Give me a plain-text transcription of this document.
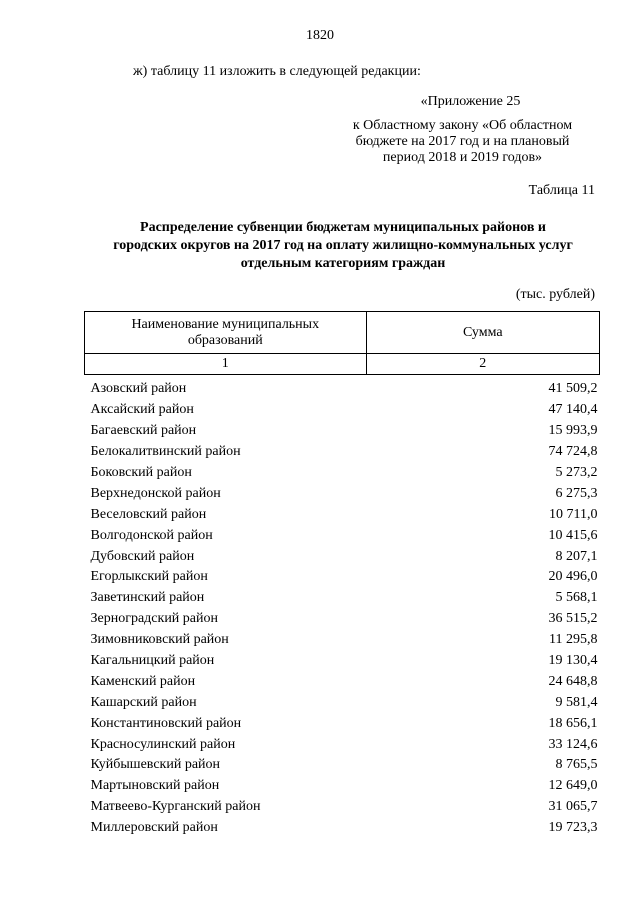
1820
ж) таблицу 11 изложить в следующей редакции:
«Приложение 25
к Областному закону «Об областном
бюджете на 2017 год и на плановый
период 2018 и 2019 годов»
Таблица 11
Распределение субвенции бюджетам муниципальных районов и
городских округов на 2017 год на оплату жилищно-коммунальных услуг
отдельным категориям граждан
(тыс. рублей)
Наименование муниципальных
образований	Сумма
1	2

Азовский район	41 509,2
Аксайский район	47 140,4
Багаевский район	15 993,9
Белокалитвинский район	74 724,8
Боковский район	5 273,2
Верхнедонской район	6 275,3
Веселовский район	10 711,0
Волгодонской район	10 415,6
Дубовский район	8 207,1
Егорлыкский район	20 496,0
Заветинский район	5 568,1
Зерноградский район	36 515,2
Зимовниковский район	11 295,8
Кагальницкий район	19 130,4
Каменский район	24 648,8
Кашарский район	9 581,4
Константиновский район	18 656,1
Красносулинский район	33 124,6
Куйбышевский район	8 765,5
Мартыновский район	12 649,0
Матвеево-Курганский район	31 065,7
Миллеровский район	19 723,3
